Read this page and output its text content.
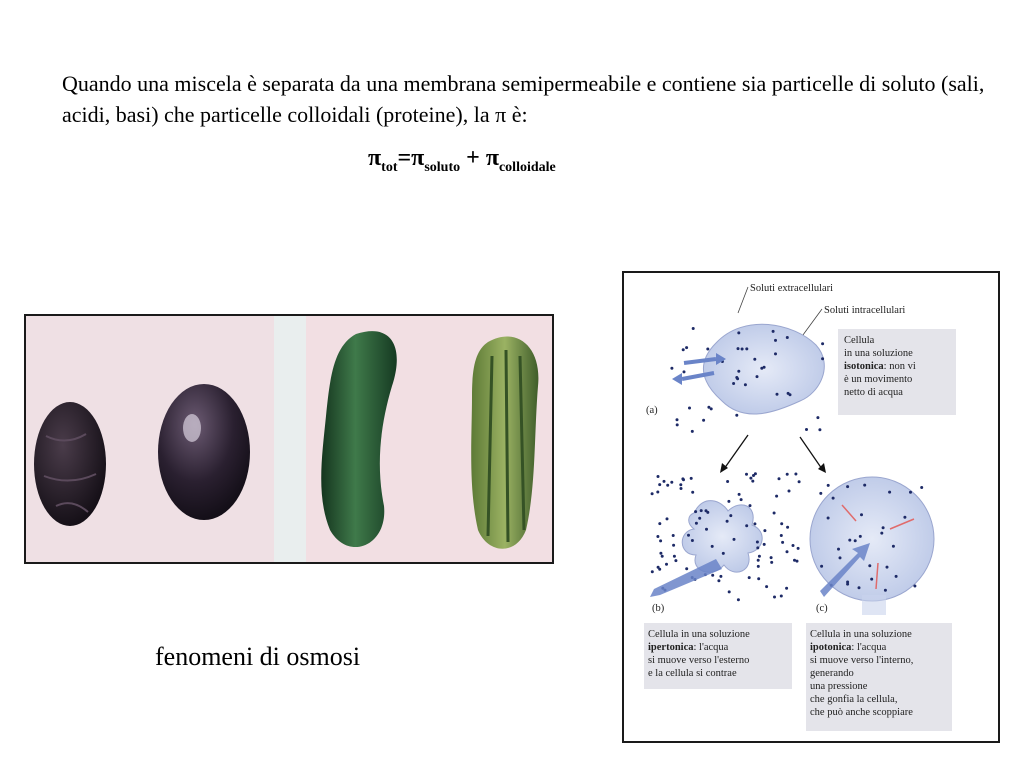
Quando una miscela è separata da una membrana semipermeabile e contiene sia particelle di soluto (sali, acidi, basi) che particelle colloidali (proteine), la π è:

$\pi_{tot}=\pi_{soluto} + \pi_{colloidale}$

fenomeni di osmosi

Soluti extracellulari
Soluti intracellulari
(a)
Cellula
in una soluzione
isotonica: non vi
è un movimento
netto di acqua
(b)	(c)
Cellula in una soluzione
ipertonica: l'acqua
si muove verso l'esterno
e la cellula si contrae
Cellula in una soluzione
ipotonica: l'acqua
si muove verso l'interno,
generando
una pressione
che gonfia la cellula,
che può anche scoppiare
